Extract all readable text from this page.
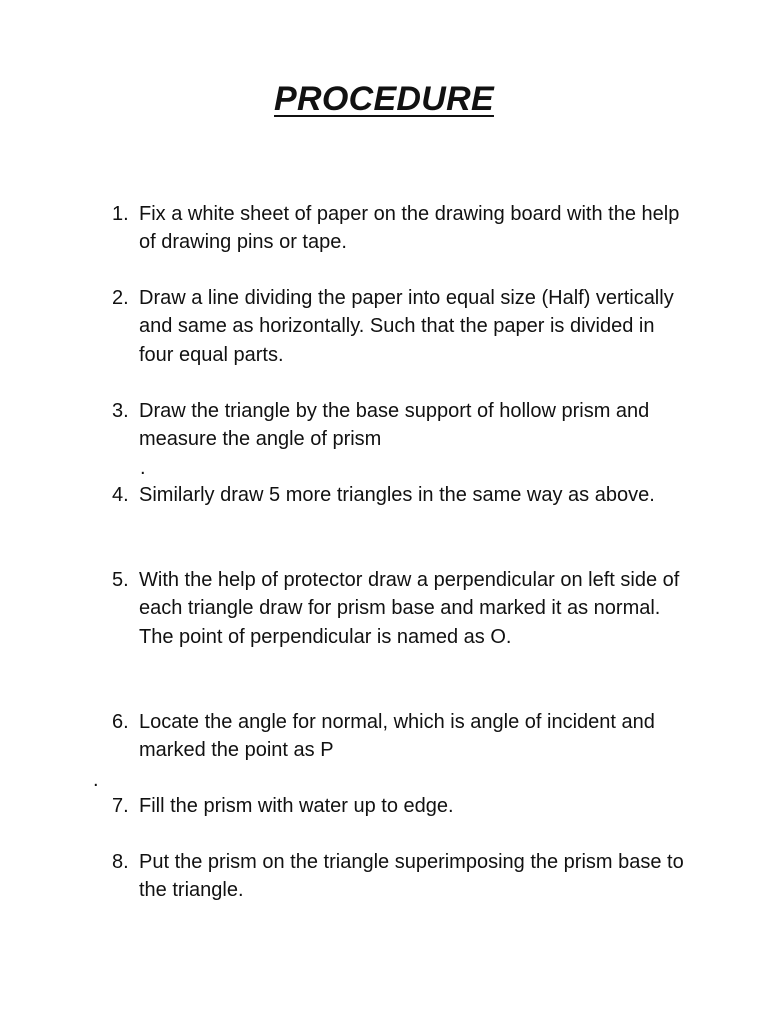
PROCEDURE
1. Fix a white sheet of paper on the drawing board with the help of drawing pins or tape.
2. Draw a line dividing the paper into equal size (Half) vertically and same as horizontally. Such that the paper is divided in four equal parts.
3. Draw the triangle by the base support of hollow prism and measure the angle of prism
.
4. Similarly draw 5 more triangles in the same way as above.
5. With the help of protector draw a perpendicular on left side of each triangle draw for prism base and marked it as normal. The point of perpendicular is named as O.
6. Locate the angle for normal, which is angle of incident and marked the point as P
.
7. Fill the prism with water up to edge.
8. Put the prism on the triangle superimposing the prism base to the triangle.
